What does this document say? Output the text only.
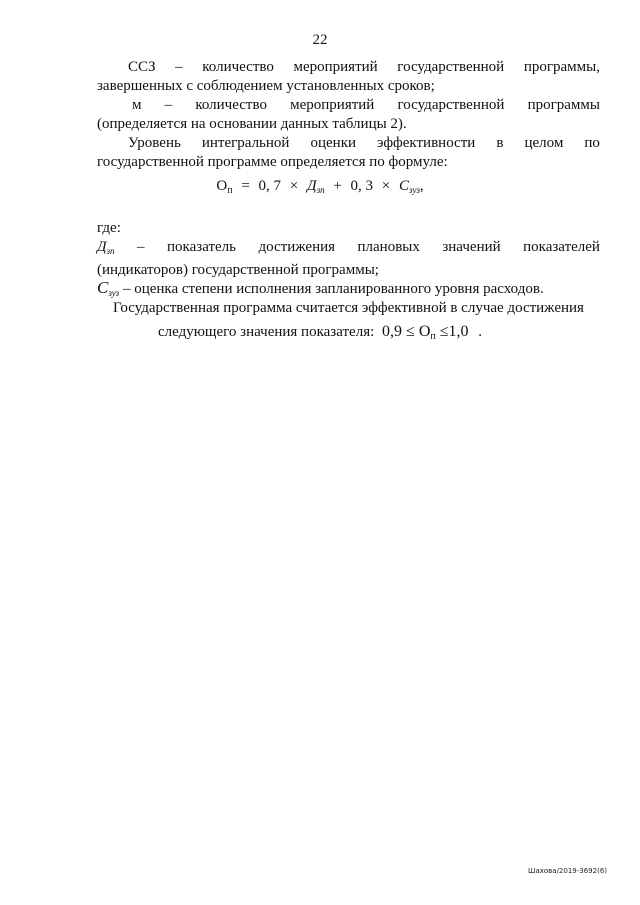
22
ССЗ – количество мероприятий государственной программы,
завершенных с соблюдением установленных сроков;
м – количество мероприятий государственной программы
(определяется на основании данных таблицы 2).
Уровень интегральной оценки эффективности в целом по
государственной программе определяется по формуле:
$О_п = 0$, $7 \times Д_{зп} + 0$, $3 \times С_{зуз}$,
где:
$Д_{зп}$ – показатель достижения плановых значений показателей
(индикаторов) государственной программы;
$С_{зуз}$ – оценка степени исполнения запланированного уровня расходов.
Государственная программа считается эффективной в случае достижения
следующего значения показателя: 0,9 ≤ Оп ≤1,0 .
Шахова/2019-3692(6)
